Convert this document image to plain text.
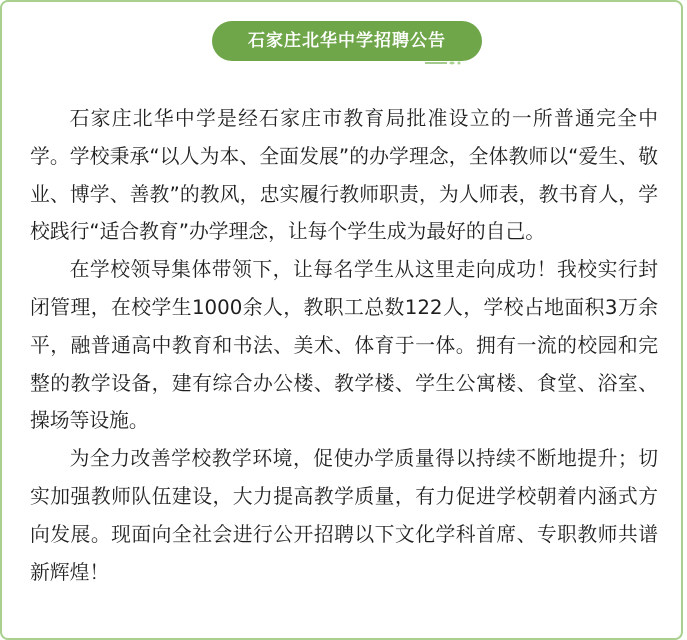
石家庄北华中学招聘公告

石家庄北华中学是经石家庄市教育局批准设立的一所普通完全中学。学校秉承“以人为本、全面发展”的办学理念，全体教师以“爱生、敬业、博学、善教”的教风，忠实履行教师职责，为人师表，教书育人，学校践行“适合教育”办学理念，让每个学生成为最好的自己。

在学校领导集体带领下，让每名学生从这里走向成功！我校实行封闭管理，在校学生1000余人，教职工总数122人，学校占地面积3万余平，融普通高中教育和书法、美术、体育于一体。拥有一流的校园和完整的教学设备，建有综合办公楼、教学楼、学生公寓楼、食堂、浴室、操场等设施。

为全力改善学校教学环境，促使办学质量得以持续不断地提升；切实加强教师队伍建设，大力提高教学质量，有力促进学校朝着内涵式方向发展。现面向全社会进行公开招聘以下文化学科首席、专职教师共谱新辉煌！
